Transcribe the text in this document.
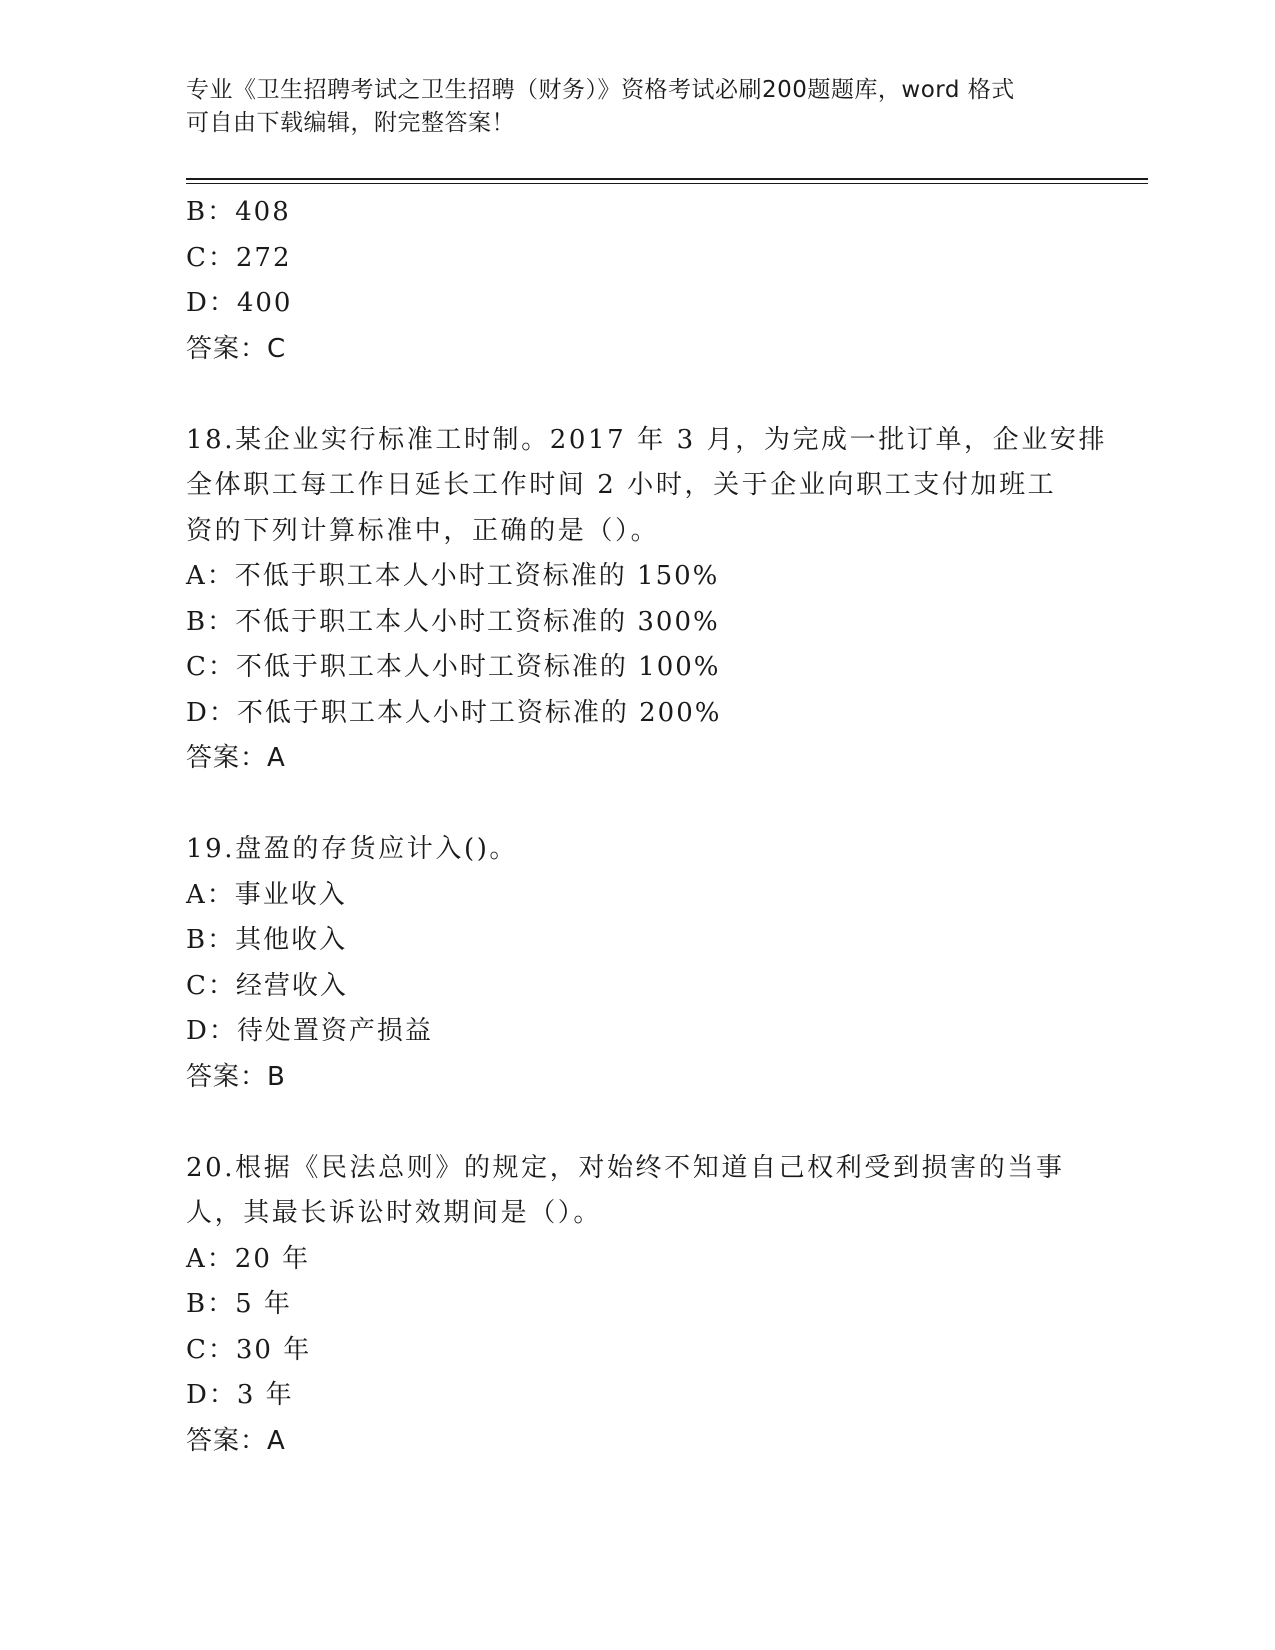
专业《卫生招聘考试之卫生招聘（财务）》资格考试必刷200题题库，word 格式
可自由下载编辑，附完整答案！
B：408
C：272
D：400
答案：C
18.某企业实行标准工时制。2017 年 3 月，为完成一批订单，企业安排
全体职工每工作日延长工作时间 2 小时，关于企业向职工支付加班工
资的下列计算标准中，正确的是（）。
A：不低于职工本人小时工资标准的 150%
B：不低于职工本人小时工资标准的 300%
C：不低于职工本人小时工资标准的 100%
D：不低于职工本人小时工资标准的 200%
答案：A
19.盘盈的存货应计入()。
A：事业收入
B：其他收入
C：经营收入
D：待处置资产损益
答案：B
20.根据《民法总则》的规定，对始终不知道自己权利受到损害的当事
人，其最长诉讼时效期间是（）。
A：20 年
B：5 年
C：30 年
D：3 年
答案：A
